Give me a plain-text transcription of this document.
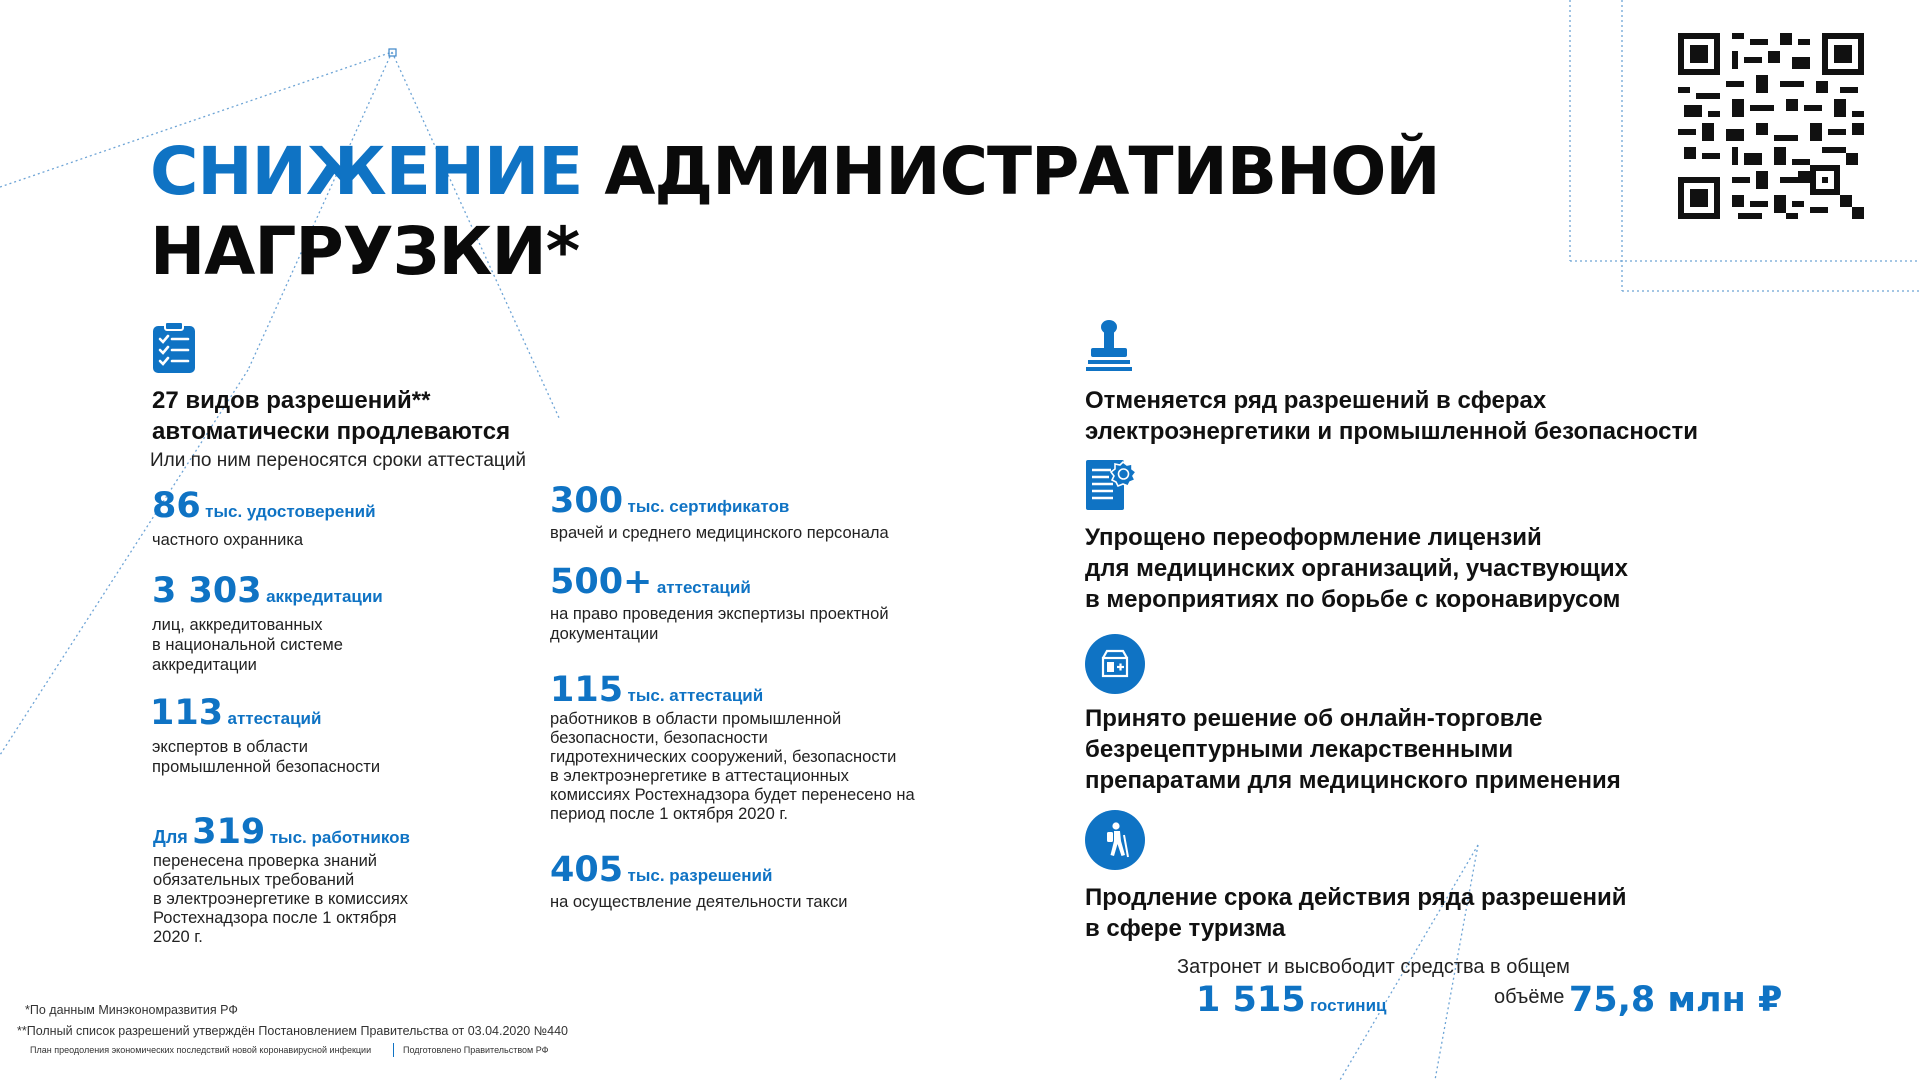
СНИЖЕНИЕ АДМИНИСТРАТИВНОЙ
НАГРУЗКИ*
27 видов разрешений**
автоматически продлеваются
Или по ним переносятся сроки аттестаций
86 тыс. удостоверений
частного охранника
3 303 аккредитации
лиц, аккредитованных
в национальной системе
аккредитации
113 аттестаций
экспертов в области
промышленной безопасности
Для 319 тыс. работников
перенесена проверка знаний
обязательных требований
в электроэнергетике в комиссиях
Ростехнадзора после 1 октября
2020 г.
300 тыс. сертификатов
врачей и среднего медицинского персонала
500+ аттестаций
на право проведения экспертизы проектной
документации
115 тыс. аттестаций
работников в области промышленной
безопасности, безопасности
гидротехнических сооружений, безопасности
в электроэнергетике в аттестационных
комиссиях Ростехнадзора будет перенесено на
период после 1 октября 2020 г.
405 тыс. разрешений
на осуществление деятельности такси
Отменяется ряд разрешений в сферах
электроэнергетики и промышленной безопасности
Упрощено переоформление лицензий
для медицинских организаций, участвующих
в мероприятиях по борьбе с коронавирусом
Принято решение об онлайн-торговле
безрецептурными лекарственными
препаратами для медицинского применения
Продление срока действия ряда разрешений
в сфере туризма
Затронет и высвободит средства в общем
1 515 гостиниц	объёме 75,8 млн ₽
*По данным Минэкономразвития РФ
**Полный список разрешений утверждён Постановлением Правительства от 03.04.2020 №440
План преодоления экономических последствий новой коронавирусной инфекции	Подготовлено Правительством РФ
